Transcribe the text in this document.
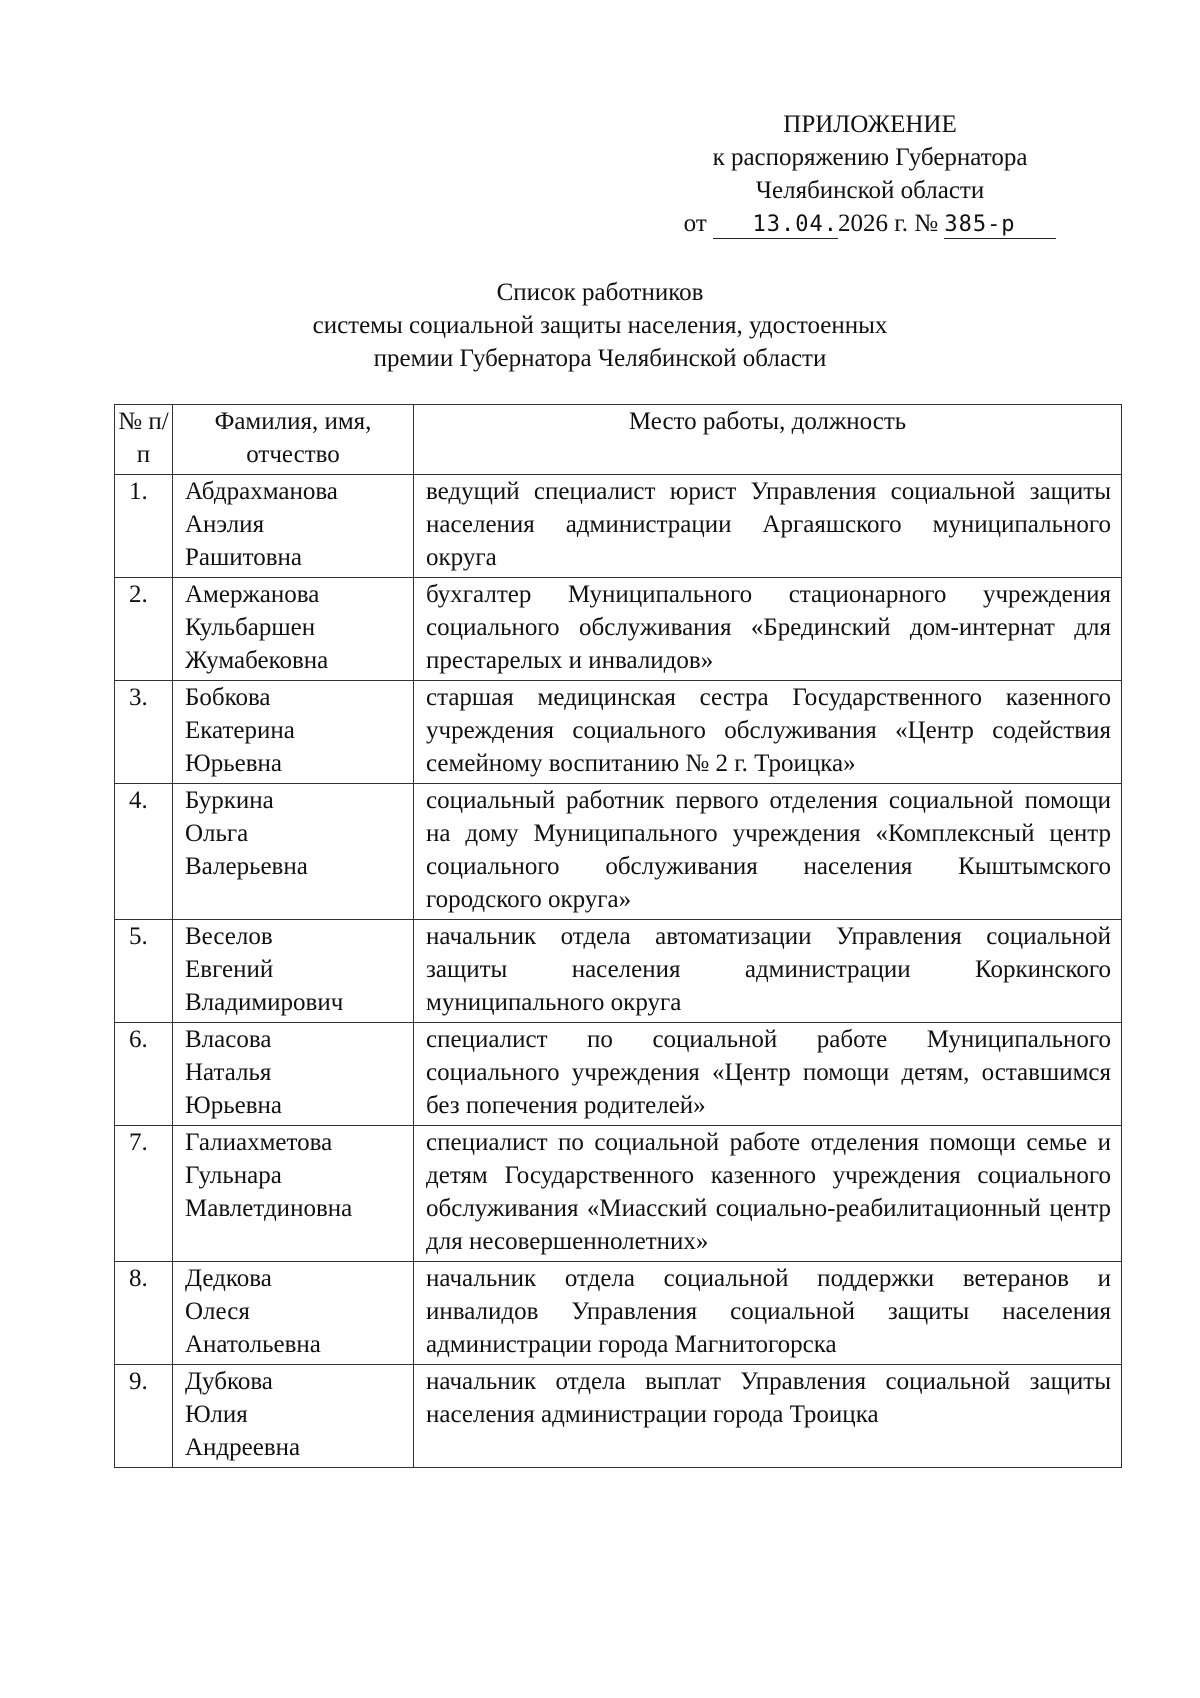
ПРИЛОЖЕНИЕ
к распоряжению Губернатора
Челябинской области
от 13.04.2026 г. № 385-р
Список работников
системы социальной защиты населения, удостоенных
премии Губернатора Челябинской области
№ п/п	Фамилия, имя, отчество	Место работы, должность
1.	Абдрахманова
Анэлия
Рашитовна	ведущий специалист юрист Управления социальной защиты населения администрации Аргаяшского муниципального округа
2.	Амержанова
Кульбаршен
Жумабековна	бухгалтер Муниципального стационарного учреждения социального обслуживания «Брединский дом-интернат для престарелых и инвалидов»
3.	Бобкова
Екатерина
Юрьевна	старшая медицинская сестра Государственного казенного учреждения социального обслуживания «Центр содействия семейному воспитанию № 2 г. Троицка»
4.	Буркина
Ольга
Валерьевна	социальный работник первого отделения социальной помощи на дому Муниципального учреждения «Комплексный центр социального обслуживания населения Кыштымского городского округа»
5.	Веселов
Евгений
Владимирович	начальник отдела автоматизации Управления социальной защиты населения администрации Коркинского муниципального округа
6.	Власова
Наталья
Юрьевна	специалист по социальной работе Муниципального социального учреждения «Центр помощи детям, оставшимся без попечения родителей»
7.	Галиахметова
Гульнара
Мавлетдиновна	специалист по социальной работе отделения помощи семье и детям Государственного казенного учреждения социального обслуживания «Миасский социально-реабилитационный центр для несовершеннолетних»
8.	Дедкова
Олеся
Анатольевна	начальник отдела социальной поддержки ветеранов и инвалидов Управления социальной защиты населения администрации города Магнитогорска
9.	Дубкова
Юлия
Андреевна	начальник отдела выплат Управления социальной защиты населения администрации города Троицка
